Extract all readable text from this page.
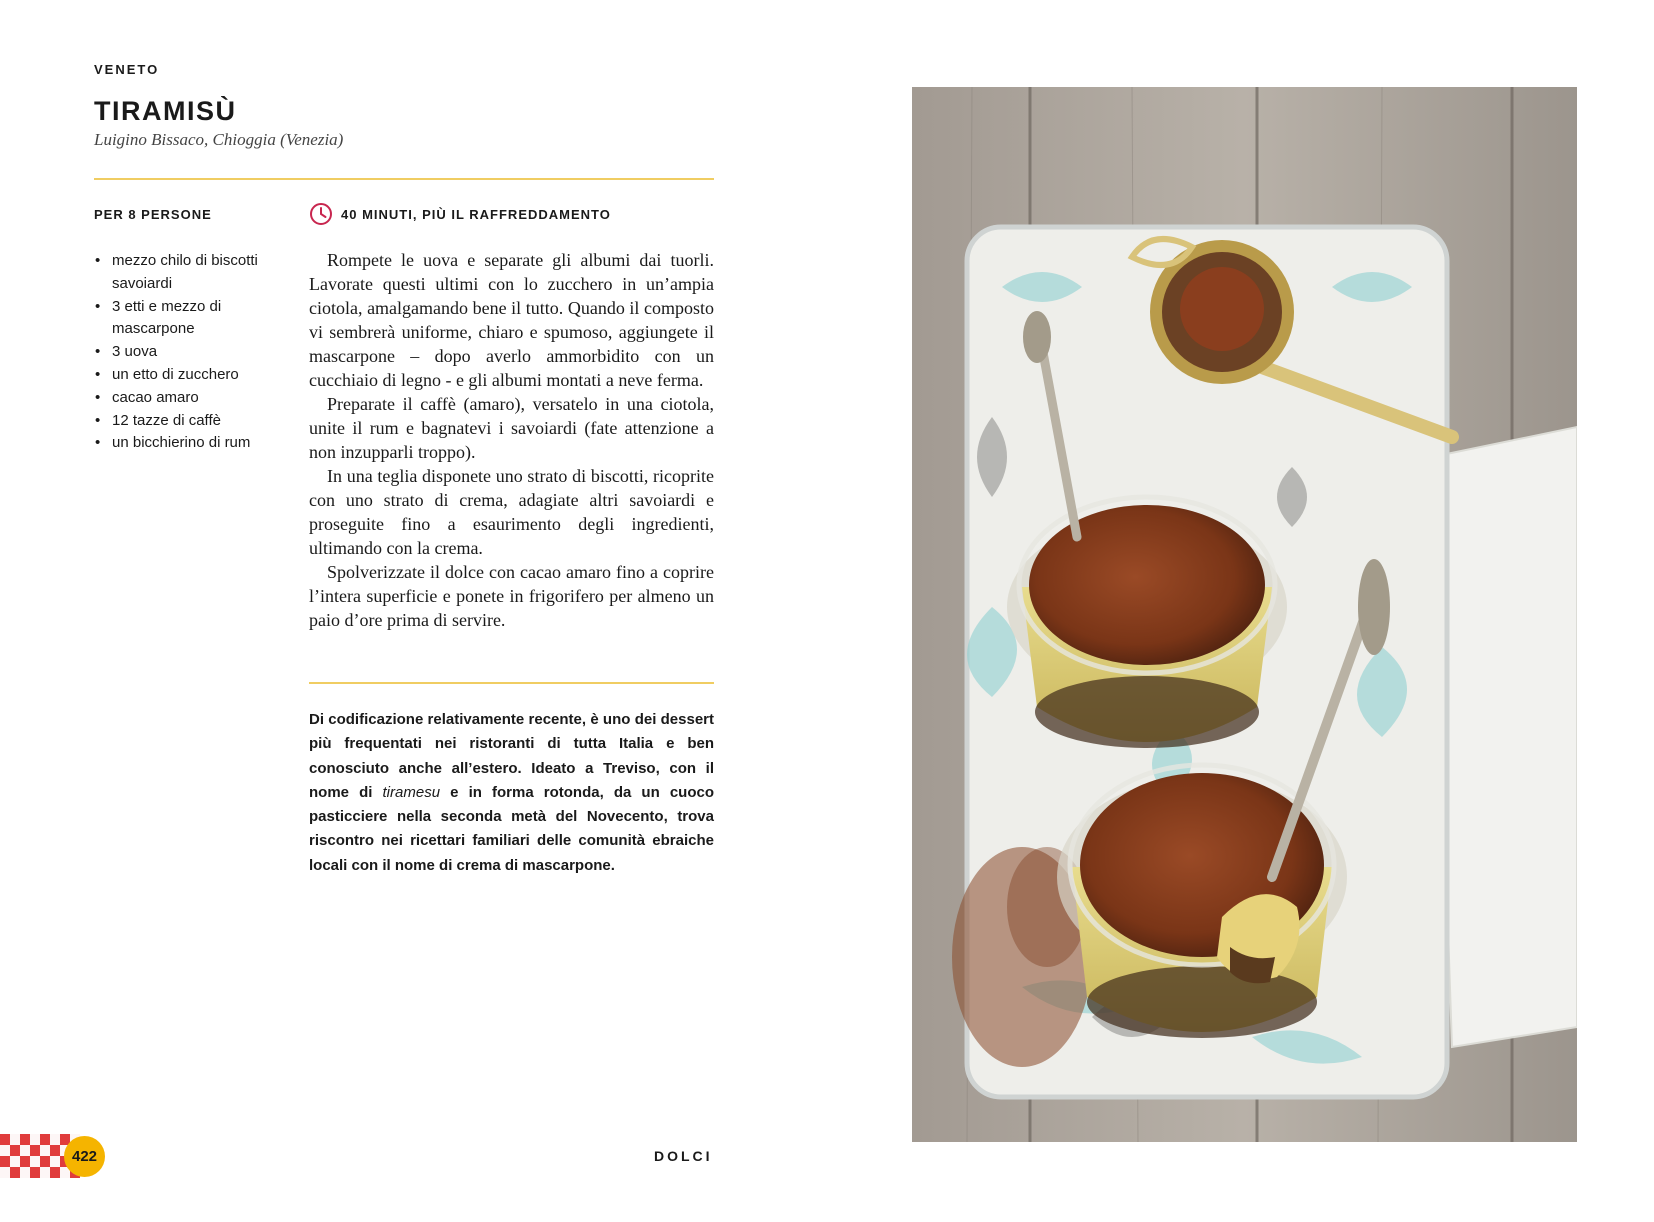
VENETO
TIRAMISÙ
Luigino Bissaco, Chioggia (Venezia)
PER 8 PERSONE	40 MINUTI, PIÙ IL RAFFREDDAMENTO
• mezzo chilo di biscotti savoiardi
• 3 etti e mezzo di mascarpone
• 3 uova
• un etto di zucchero
• cacao amaro
• 12 tazze di caffè
• un bicchierino di rum

Rompete le uova e separate gli albumi dai tuorli. Lavorate questi ultimi con lo zucchero in un’ampia ciotola, amalgamando bene il tutto. Quando il composto vi sembrerà uniforme, chiaro e spumoso, aggiungete il mascarpone – dopo averlo ammorbidito con un cucchiaio di legno - e gli albumi montati a neve ferma.

Preparate il caffè (amaro), versatelo in una ciotola, unite il rum e bagnatevi i savoiardi (fate attenzione a non inzupparli troppo).

In una teglia disponete uno strato di biscotti, ricoprite con uno strato di crema, adagiate altri savoiardi e proseguite fino a esaurimento degli ingredienti, ultimando con la crema.

Spolverizzate il dolce con cacao amaro fino a coprire l’intera superficie e ponete in frigorifero per almeno un paio d’ore prima di servire.

Di codificazione relativamente recente, è uno dei dessert più frequentati nei ristoranti di tutta Italia e ben conosciuto anche all’estero. Ideato a Treviso, con il nome di tiramesu e in forma rotonda, da un cuoco pasticciere nella seconda metà del Novecento, trova riscontro nei ricettari familiari delle comunità ebraiche locali con il nome di crema di mascarpone.

422	DOLCI
